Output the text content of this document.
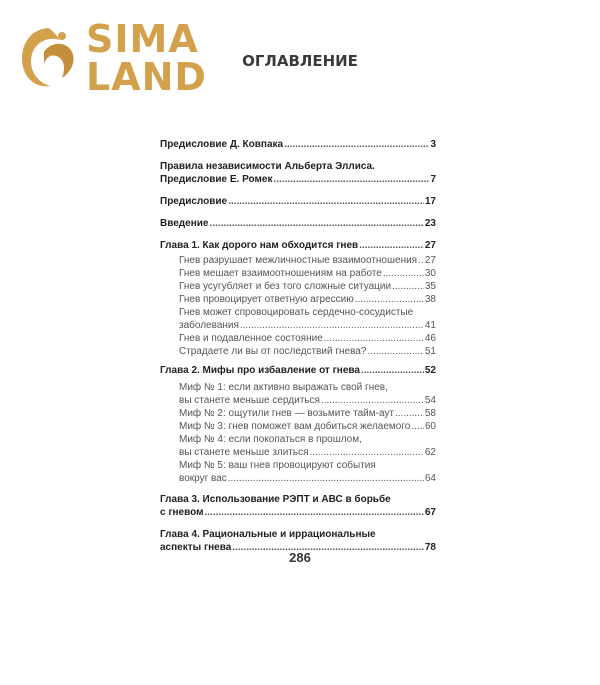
SIMA
LAND	ОГЛАВЛЕНИЕ
Предисловие Д. Ковпака .....	3
Правила независимости Альберта Эллиса.
Предисловие Е. Ромек .....	7
Предисловие .....	17
Введение .....	23
Глава 1. Как дорого нам обходится гнев .....	27
Гнев разрушает межличностные взаимоотношения ..... 27
Гнев мешает взаимоотношениям на работе .....	30
Гнев усугубляет и без того сложные ситуации .....	35
Гнев провоцирует ответную агрессию .....	38
Гнев может спровоцировать сердечно-сосудистые
заболевания .....	41
Гнев и подавленное состояние .....	46
Страдаете ли вы от последствий гнева? .....	51
Глава 2. Мифы про избавление от гнева .....	52
Миф № 1: если активно выражать свой гнев,
вы станете меньше сердиться .....	54
Миф № 2: ощутили гнев — возьмите тайм-аут .....	58
Миф № 3: гнев поможет вам добиться желаемого ..... 60
Миф № 4: если покопаться в прошлом,
вы станете меньше злиться .....	62
Миф № 5: ваш гнев провоцируют события
вокруг вас .....	64
Глава 3. Использование РЭПТ и АВС в борьбе
с гневом .....	67
Глава 4. Рациональные и иррациональные
аспекты гнева .....	78
286
